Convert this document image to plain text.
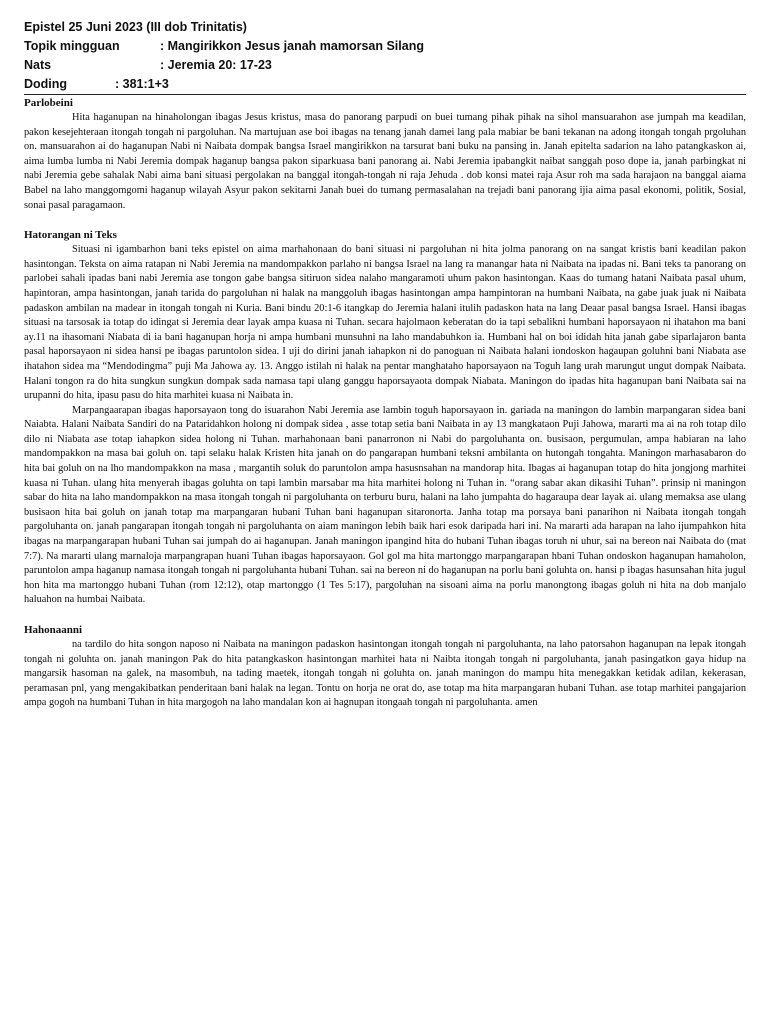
Epistel 25 Juni 2023 (III dob Trinitatis)
Topik mingguan	: Mangirikkon Jesus janah mamorsan Silang
Nats	: Jeremia 20: 17-23
Doding	: 381:1+3

Parlobeini

Hita haganupan na hinaholongan ibagas Jesus kristus, masa do panorang parpudi on buei tumang pihak pihak na sihol mansuarahon ase jumpah ma keadilan, pakon kesejehteraan itongah tongah ni pargoluhan. Na martujuan ase boi ibagas na tenang janah damei lang pala mabiar be bani tekanan na adong itongah tongah prgoluhan on. mansuarahon ai do haganupan Nabi ni Naibata dompak bangsa Israel mangirikkon na tarsurat bani buku na pansing in. Janah epitelta sadarion na laho patangkaskon ai, aima lumba lumba ni Nabi Jeremia dompak haganup bangsa pakon siparkuasa bani panorang ai. Nabi Jeremia ipabangkit naibat sanggah poso dope ia, janah parbingkat ni nabi Jeremia gebe sahalak Nabi aima bani situasi pergolakan na banggal itongah-tongah ni raja Jehuda . dob konsi matei raja Asur roh ma sada harajaon na banggal aiama Babel na laho manggomgomi haganup wilayah Asyur pakon sekitarni Janah buei do tumang permasalahan na trejadi bani panorang ijia aima pasal ekonomi, politik, Sosial, sonai pasal paragamaon.

Hatorangan ni Teks

Situasi ni igambarhon bani teks epistel on aima marhahonaan do bani situasi ni pargoluhan ni hita jolma panorang on na sangat kristis bani keadilan pakon hasintongan. Teksta on aima ratapan ni Nabi Jeremia na mandompakkon parlaho ni bangsa Israel na lang ra manangar hata ni Naibata na ipadas ni. Bani teks ta panorang on parlobei sahali ipadas bani nabi Jeremia ase tongon gabe bangsa sitiruon sidea nalaho mangaramoti uhum pakon hasintongan. Kaas do tumang hatani Naibata pasal uhum, hapintoran, ampa hasintongan, janah tarida do pargoluhan ni halak na manggoluh ibagas hasintongan ampa hampintoran na humbani Naibata, na gabe juak juak ni Naibata padaskon ambilan na madear in itongah tongah ni Kuria. Bani bindu 20:1-6 itangkap do Jeremia halani itulih padaskon hata na lang Deaar pasal bangsa Israel. Hansi ibagas situasi na tarsosak ia totap do idingat si Jeremia dear layak ampa kuasa ni Tuhan. secara hajolmaon keberatan do ia tapi sebalikni humbani haporsayaon ni ihatahon ma bani ay.11 na ihasomani Niabata di ia bani haganupan horja ni ampa humbani munsuhni na laho mandabuhkon ia. Humbani hal on boi ididah hita janah gabe siparlajaron banta pasal haporsayaon ni sidea hansi pe ibagas paruntolon sidea. I uji do dirini janah iahapkon ni do panoguan ni Naibata halani iondoskon hagaupan goluhni bani Niabata ase ihatahon sidea ma “Mendodingma” puji Ma Jahowa ay. 13. Anggo istilah ni halak na pentar manghataho haporsayaon na Toguh lang urah marungut ungut dompak Naibata. Halani tongon ra do hita sungkun sungkun dompak sada namasa tapi ulang ganggu haporsayaota dompak Niabata. Maningon do ipadas hita haganupan bani Naibata sai na urupanni do hita, ipasu pasu do hita marhitei kuasa ni Naibata in.

Marpangaarapan ibagas haporsayaon tong do isuarahon Nabi Jeremia ase lambin toguh haporsayaon in. gariada na maningon do lambin marpangaran sidea bani Naiabta. Halani Naibata Sandiri do na Pataridahkon holong ni dompak sidea , asse totap setia bani Naibata in ay 13 mangkataon Puji Jahowa, mararti ma ai na roh totap dilo dilo ni Niabata ase totap iahapkon sidea holong ni Tuhan. marhahonaan bani panarronon ni Nabi do pargoluhanta on. busisaon, pergumulan, ampa habiaran na laho mandompakkon na masa bai goluh on. tapi selaku halak Kristen hita janah on do pangarapan humbani teksni ambilanta on hutongah tongahta. Maningon marhasabaron do hita bai goluh on na lho mandompakkon na masa , margantih soluk do paruntolon ampa hasusnsahan na mandorap hita. Ibagas ai haganupan totap do hita jongjong marhitei kuasa ni Tuhan. ulang hita menyerah ibagas goluhta on tapi lambin marsabar ma hita marhitei holong ni Tuhan in. “orang sabar akan dikasihi Tuhan”. prinsip ni maningon sabar do hita na laho mandompakkon na masa itongah tongah ni pargoluhanta on terburu buru, halani na laho jumpahta do hagaraupa dear layak ai. ulang memaksa ase ulang busisaon hita bai goluh on janah totap ma marpangaran hubani Tuhan bani haganupan sitaronorta. Janha totap ma porsaya bani panarihon ni Naibata itongah tongah pargoluhanta on. janah pangarapan itongah tongah ni pargoluhanta on aiam maningon lebih baik hari esok daripada hari ini. Na mararti ada harapan na laho ijumpahkon hita ibagas na marpangarapan hubani Tuhan sai jumpah do ai haganupan. Janah maningon ipangind hita do hubani Tuhan ibagas toruh ni uhur, sai na bereon nai Naibata do (mat 7:7). Na mararti ulang marnaloja marpangrapan huani Tuhan ibagas haporsayaon. Gol gol ma hita martonggo marpangarapan hbani Tuhan ondoskon haganupan hamaholon, paruntolon ampa haganup namasa itongah tongah ni pargoluhanta hubani Tuhan. sai na bereon ni do haganupan na porlu bani goluhta on. hansi p ibagas hasunsahan hita jugul hon hita ma martonggo hubani Tuhan (rom 12:12), otap martonggo (1 Tes 5:17), pargoluhan na sisoani aima na porlu manongtong ibagas goluh ni hita na dob manjalo haluahon na humbai Naibata.

Hahonaanni

na tardilo do hita songon naposo ni Naibata na maningon padaskon hasintongan itongah tongah ni pargoluhanta, na laho patorsahon haganupan na lepak itongah tongah ni goluhta on. janah maningon Pak do hita patangkaskon hasintongan marhitei hata ni Naibta itongah tongah ni pargoluhanta, janah pasingatkon gaya hidup na mangarsik hasoman na galek, na masombuh, na tading maetek, itongah tongah ni goluhta on. janah maningon do mampu hita menegakkan ketidak adilan, kekerasan, peramasan pnl, yang mengakibatkan penderitaan bani halak na legan. Tontu on horja ne orat do, ase totap ma hita marpangaran hubani Tuhan. ase totap marhitei pangajarion ampa gogoh na humbani Tuhan in hita margogoh na laho mandalan kon ai hagnupan itongaah tongah ni pargoluhanta. amen
